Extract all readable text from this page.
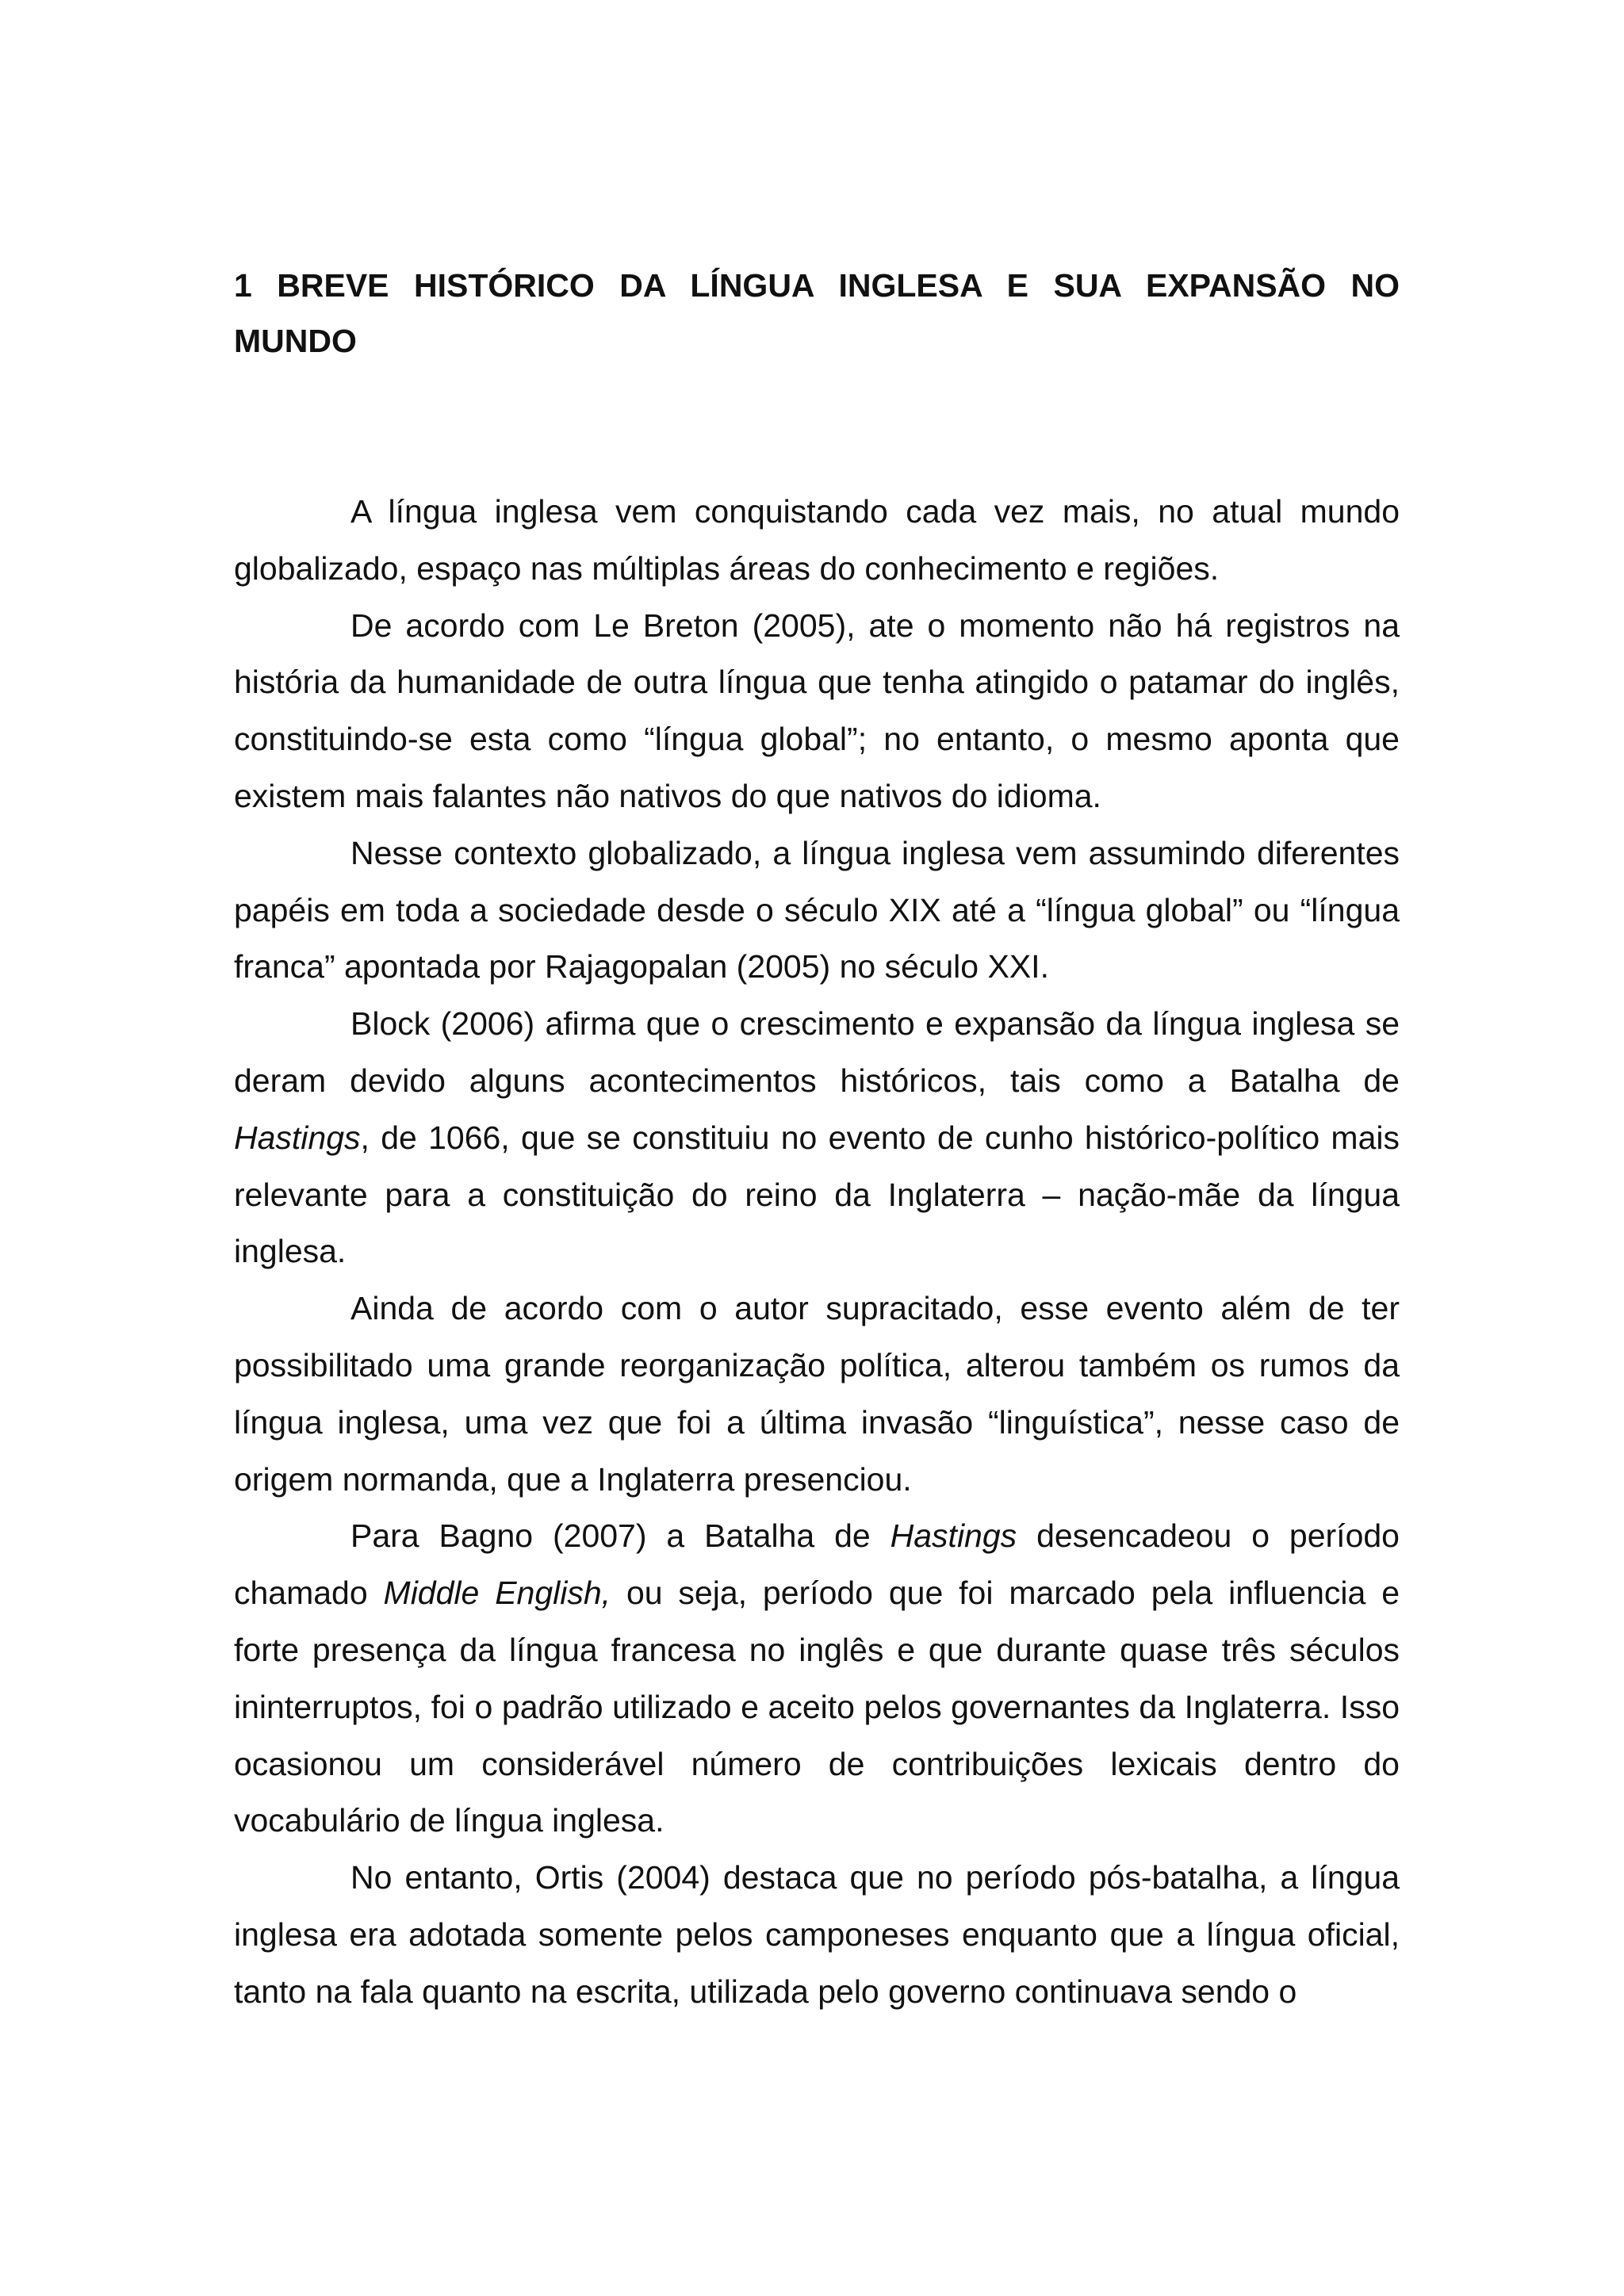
1 BREVE HISTÓRICO DA LÍNGUA INGLESA E SUA EXPANSÃO NO MUNDO

A língua inglesa vem conquistando cada vez mais, no atual mundo globalizado, espaço nas múltiplas áreas do conhecimento e regiões.

De acordo com Le Breton (2005), ate o momento não há registros na história da humanidade de outra língua que tenha atingido o patamar do inglês, constituindo-se esta como “língua global”; no entanto, o mesmo aponta que existem mais falantes não nativos do que nativos do idioma.

Nesse contexto globalizado, a língua inglesa vem assumindo diferentes papéis em toda a sociedade desde o século XIX até a “língua global” ou “língua franca” apontada por Rajagopalan (2005) no século XXI.

Block (2006) afirma que o crescimento e expansão da língua inglesa se deram devido alguns acontecimentos históricos, tais como a Batalha de Hastings, de 1066, que se constituiu no evento de cunho histórico-político mais relevante para a constituição do reino da Inglaterra – nação-mãe da língua inglesa.

Ainda de acordo com o autor supracitado, esse evento além de ter possibilitado uma grande reorganização política, alterou também os rumos da língua inglesa, uma vez que foi a última invasão “linguística”, nesse caso de origem normanda, que a Inglaterra presenciou.

Para Bagno (2007) a Batalha de Hastings desencadeou o período chamado Middle English, ou seja, período que foi marcado pela influencia e forte presença da língua francesa no inglês e que durante quase três séculos ininterruptos, foi o padrão utilizado e aceito pelos governantes da Inglaterra. Isso ocasionou um considerável número de contribuições lexicais dentro do vocabulário de língua inglesa.

No entanto, Ortis (2004) destaca que no período pós-batalha, a língua inglesa era adotada somente pelos camponeses enquanto que a língua oficial, tanto na fala quanto na escrita, utilizada pelo governo continuava sendo o
